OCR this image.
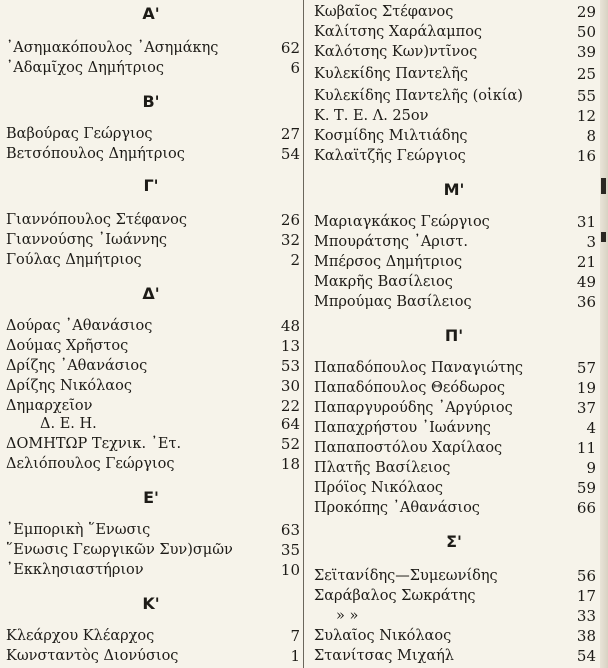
Α'
᾿Ασημακόπουλος ᾿Ασημάκης	62
᾿Αδαμῖχος Δημήτριος	6
Β'
Βαβούρας Γεώργιος	27
Βετσόπουλος Δημήτριος	54
Γ'
Γιαννόπουλος Στέφανος	26
Γιαννούσης ᾿Ιωάννης	32
Γούλας Δημήτριος	2
Δ'
Δούρας ᾿Αθανάσιος	48
Δούμας Χρῆστος	13
Δρίζης ᾿Αθανάσιος	53
Δρίζης Νικόλαος	30
Δημαρχεῖον	22
Δ. Ε. Η.	64
ΔΟΜΗΤΩΡ Τεχνικ. ᾿Ετ.	52
Δελιόπουλος Γεώργιος	18
Ε'
᾿Εμπορικὴ ῞Ενωσις	63
῞Ενωσις Γεωργικῶν Συν)σμῶν	35
᾿Εκκλησιαστήριον	10
Κ'
Κλεάρχου Κλέαρχος	7
Κωνσταντὸς Διονύσιος	1
Κωβαῖος Στέφανος	29
Καλίτσης Χαράλαμπος	50
Καλότσης Κων)ντῖνος	39
Κυλεκίδης Παντελῆς	25
Κυλεκίδης Παντελῆς (οἰκία)	55
Κ. Τ. Ε. Λ. 25ον	12
Κοσμίδης Μιλτιάδης	8
Καλαϊτζῆς Γεώργιος	16
Μ'
Μαριαγκάκος Γεώργιος	31
Μπουράτσης ᾿Αριστ.	3
Μπέρσος Δημήτριος	21
Μακρῆς Βασίλειος	49
Μπρούμας Βασίλειος	36
Π'
Παπαδόπουλος Παναγιώτης	57
Παπαδόπουλος Θεόδωρος	19
Παπαργυρούδης ᾿Αργύριος	37
Παπαχρήστου ᾿Ιωάννης	4
Παπαποστόλου Χαρίλαος	11
Πλατῆς Βασίλειος	9
Πρόϊος Νικόλαος	59
Προκόπης ᾿Αθανάσιος	66
Σ'
Σεϊτανίδης—Συμεωνίδης	56
Σαράβαλος Σωκράτης	17
» »	33
Συλαῖος Νικόλαος	38
Στανίτσας Μιχαήλ	54
